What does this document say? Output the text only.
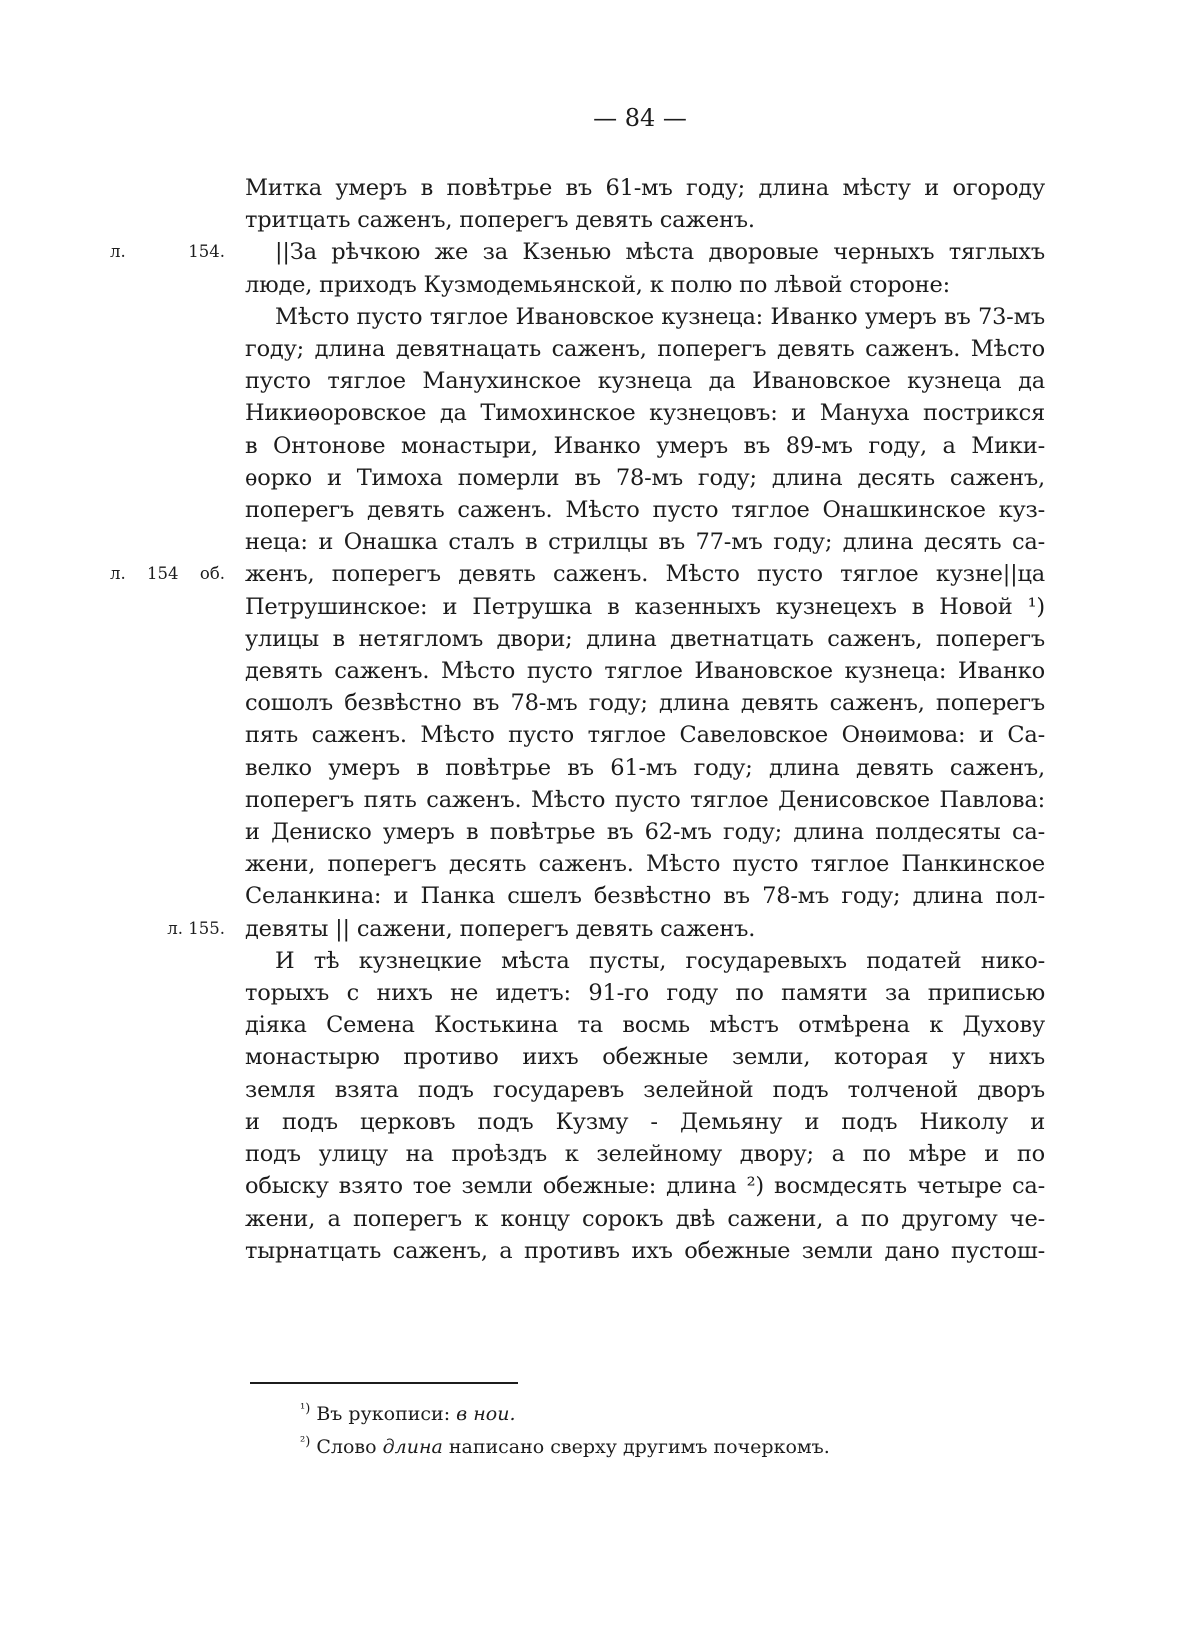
— 84 —
Митка умеръ в повѣтрье въ 61-мъ году; длина мѣсту и огороду
тритцать саженъ, поперегъ девять саженъ.
л. 154. ||За рѣчкою же за Кзенью мѣста дворовые черныхъ тяглыхъ
люде, приходъ Кузмодемьянской, к полю по лѣвой стороне:
Мѣсто пусто тяглое Ивановское кузнеца: Иванко умеръ въ 73-мъ
году; длина девятнацать саженъ, поперегъ девять саженъ. Мѣсто
пусто тяглое Манухинское кузнеца да Ивановское кузнеца да
Никиѳоровское да Тимохинское кузнецовъ: и Мануха пострикся
в Онтонове монастыри, Иванко умеръ въ 89-мъ году, а Мики-
ѳорко и Тимоха померли въ 78-мъ году; длина десять саженъ,
поперегъ девять саженъ. Мѣсто пусто тяглое Онашкинское куз-
неца: и Онашка сталъ в стрилцы въ 77-мъ году; длина десять са-
л. 154 об. женъ, поперегъ девять саженъ. Мѣсто пусто тяглое кузне||ца
Петрушинское: и Петрушка в казенныхъ кузнецехъ в Новой ¹)
улицы в нетягломъ двори; длина дветнатцать саженъ, поперегъ
девять саженъ. Мѣсто пусто тяглое Ивановское кузнеца: Иванко
сошолъ безвѣстно въ 78-мъ году; длина девять саженъ, поперегъ
пять саженъ. Мѣсто пусто тяглое Савеловское Онѳимова: и Са-
велко умеръ в повѣтрье въ 61-мъ году; длина девять саженъ,
поперегъ пять саженъ. Мѣсто пусто тяглое Денисовское Павлова:
и Дениско умеръ в повѣтрье въ 62-мъ году; длина полдесяты са-
жени, поперегъ десять саженъ. Мѣсто пусто тяглое Панкинское
Селанкина: и Панка сшелъ безвѣстно въ 78-мъ году; длина пол-
л. 155. девяты || сажени, поперегъ девять саженъ.
И тѣ кузнецкие мѣста пусты, государевыхъ податей нико-
торыхъ с нихъ не идетъ: 91-го году по памяти за приписью
діяка Семена Костькина та восмь мѣстъ отмѣрена к Духову
монастырю противо иихъ обежные земли, которая у нихъ
земля взята подъ государевъ зелейной подъ толченой дворъ
и подъ церковъ подъ Кузму - Демьяну и подъ Николу и
подъ улицу на проѣздъ к зелейному двору; а по мѣре и по
обыску взято тое земли обежные: длина ²) восмдесять четыре са-
жени, а поперегъ к концу сорокъ двѣ сажени, а по другому че-
тырнатцать саженъ, а противъ ихъ обежные земли дано пустош-
$^{^1)}$ Въ рукописи: в нои.
$^{^2)}$ Слово длина написано сверху другимъ почеркомъ.
